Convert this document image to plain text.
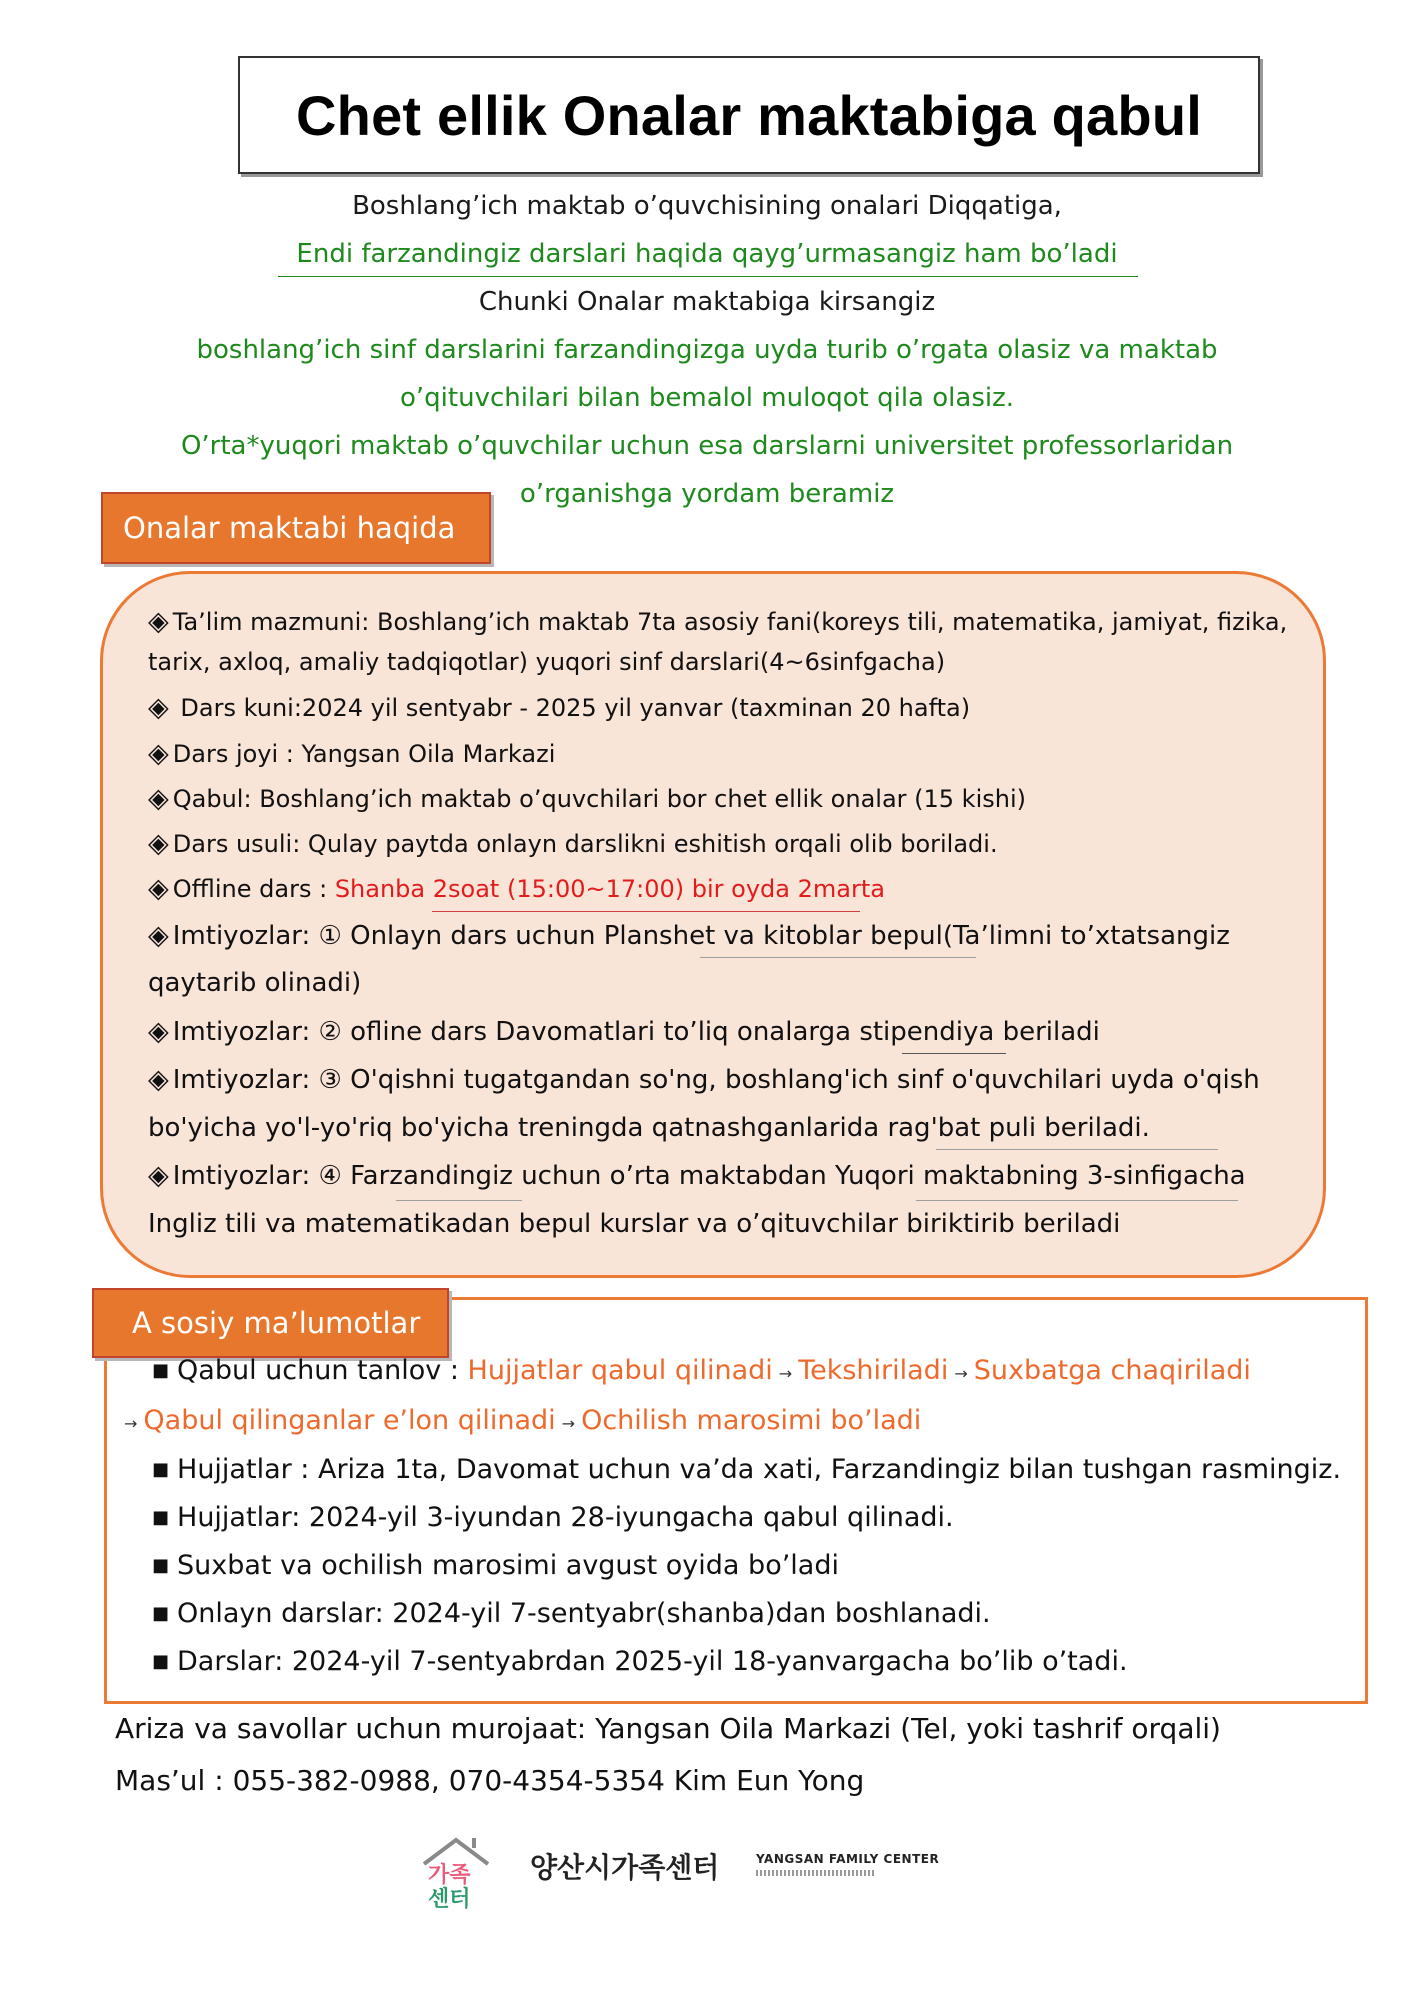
Chet ellik Onalar maktabiga qabul
Boshlang’ich maktab o’quvchisining onalari Diqqatiga,
Endi farzandingiz darslari haqida qayg’urmasangiz ham bo’ladi
Chunki Onalar maktabiga kirsangiz
boshlang’ich sinf darslarini farzandingizga uyda turib o’rgata olasiz va maktab
o’qituvchilari bilan bemalol muloqot qila olasiz.
O’rta*yuqori maktab o’quvchilar uchun esa darslarni universitet professorlaridan
o’rganishga yordam beramiz
Onalar maktabi haqida
◈ Ta’lim mazmuni: Boshlang’ich maktab 7ta asosiy fani(koreys tili, matematika, jamiyat, fizika,
tarix, axloq, amaliy tadqiqotlar) yuqori sinf darslari(4~6sinfgacha)
◈ Dars kuni:2024 yil sentyabr - 2025 yil yanvar (taxminan 20 hafta)
◈ Dars joyi : Yangsan Oila Markazi
◈ Qabul: Boshlang’ich maktab o’quvchilari bor chet ellik onalar (15 kishi)
◈ Dars usuli: Qulay paytda onlayn darslikni eshitish orqali olib boriladi.
◈ Offline dars : Shanba 2soat (15:00~17:00) bir oyda 2marta
◈ Imtiyozlar: ① Onlayn dars uchun Planshet va kitoblar bepul(Ta’limni to’xtatsangiz
qaytarib olinadi)
◈ Imtiyozlar: ② ofline dars Davomatlari to’liq onalarga stipendiya beriladi
◈ Imtiyozlar: ③ O'qishni tugatgandan so'ng, boshlang'ich sinf o'quvchilari uyda o'qish
bo'yicha yo'l-yo'riq bo'yicha treningda qatnashganlarida rag'bat puli beriladi.
◈ Imtiyozlar: ④ Farzandingiz uchun o’rta maktabdan Yuqori maktabning 3-sinfigacha
Ingliz tili va matematikadan bepul kurslar va o’qituvchilar biriktirib beriladi
A sosiy ma’lumotlar
■ Qabul uchun tanlov : Hujjatlar qabul qilinadi → Tekshiriladi → Suxbatga chaqiriladi
→ Qabul qilinganlar e’lon qilinadi → Ochilish marosimi bo’ladi
■ Hujjatlar : Ariza 1ta, Davomat uchun va’da xati, Farzandingiz bilan tushgan rasmingiz.
■ Hujjatlar: 2024-yil 3-iyundan 28-iyungacha qabul qilinadi.
■ Suxbat va ochilish marosimi avgust oyida bo’ladi
■ Onlayn darslar: 2024-yil 7-sentyabr(shanba)dan boshlanadi.
■ Darslar: 2024-yil 7-sentyabrdan 2025-yil 18-yanvargacha bo’lib o’tadi.
Ariza va savollar uchun murojaat: Yangsan Oila Markazi (Tel, yoki tashrif orqali)
Mas’ul : 055-382-0988, 070-4354-5354 Kim Eun Yong
가족
센터
양산시가족센터	YANGSAN FAMILY CENTER
